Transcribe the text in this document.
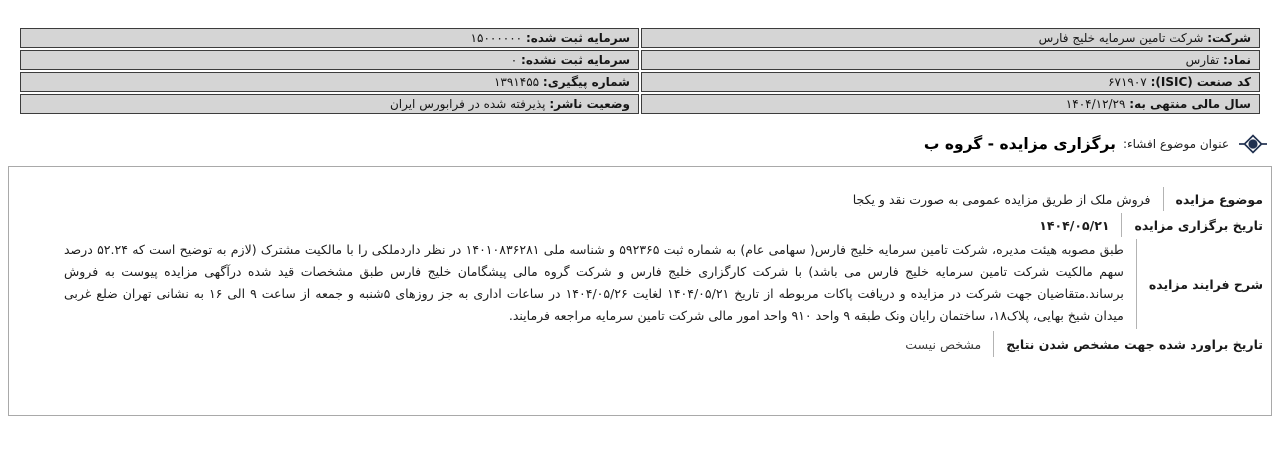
شرکت: شرکت تامین سرمایه خلیج فارس	سرمایه ثبت شده: ۱۵۰۰۰۰۰۰
نماد: تفارس	سرمایه ثبت نشده: ۰
کد صنعت (ISIC): ۶۷۱۹۰۷	شماره پیگیری: ۱۳۹۱۴۵۵
سال مالی منتهی به: ۱۴۰۴/۱۲/۲۹	وضعیت ناشر: پذیرفته شده در فرابورس ایران
عنوان موضوع افشاء:
برگزاری مزایده - گروه ب
موضوع مزایده
فروش ملک از طریق مزایده عمومی به صورت نقد و یکجا
تاریخ برگزاری مزایده
۱۴۰۴/۰۵/۲۱
شرح فرایند مزایده

طبق مصوبه هیئت مدیره، شرکت تامین سرمایه خلیج فارس( سهامی عام) به شماره ثبت ۵۹۲۳۶۵ و شناسه ملی ۱۴۰۱۰۸۳۶۲۸۱ در نظر داردملکی را با مالکیت مشترک (لازم به توضیح است که ۵۲.۲۴ درصد سهم مالکیت شرکت تامین سرمایه خلیج فارس می باشد) با شرکت کارگزاری خلیج فارس و شرکت گروه مالی پیشگامان خلیج فارس طبق مشخصات قید شده درآگهی مزایده پیوست به فروش برساند.متقاضیان جهت شرکت در مزایده و دریافت پاکات مربوطه از تاریخ ۱۴۰۴/۰۵/۲۱ لغایت ۱۴۰۴/۰۵/۲۶ در ساعات اداری به جز روزهای ۵شنبه و جمعه از ساعت ۹ الی ۱۶ به نشانی تهران ضلع غربی میدان شیخ بهایی، پلاک۱۸، ساختمان رایان ونک طبقه ۹ واحد ۹۱۰ واحد امور مالی شرکت تامین سرمایه مراجعه فرمایند.

تاریخ براورد شده جهت مشخص شدن نتایج
مشخص نیست
